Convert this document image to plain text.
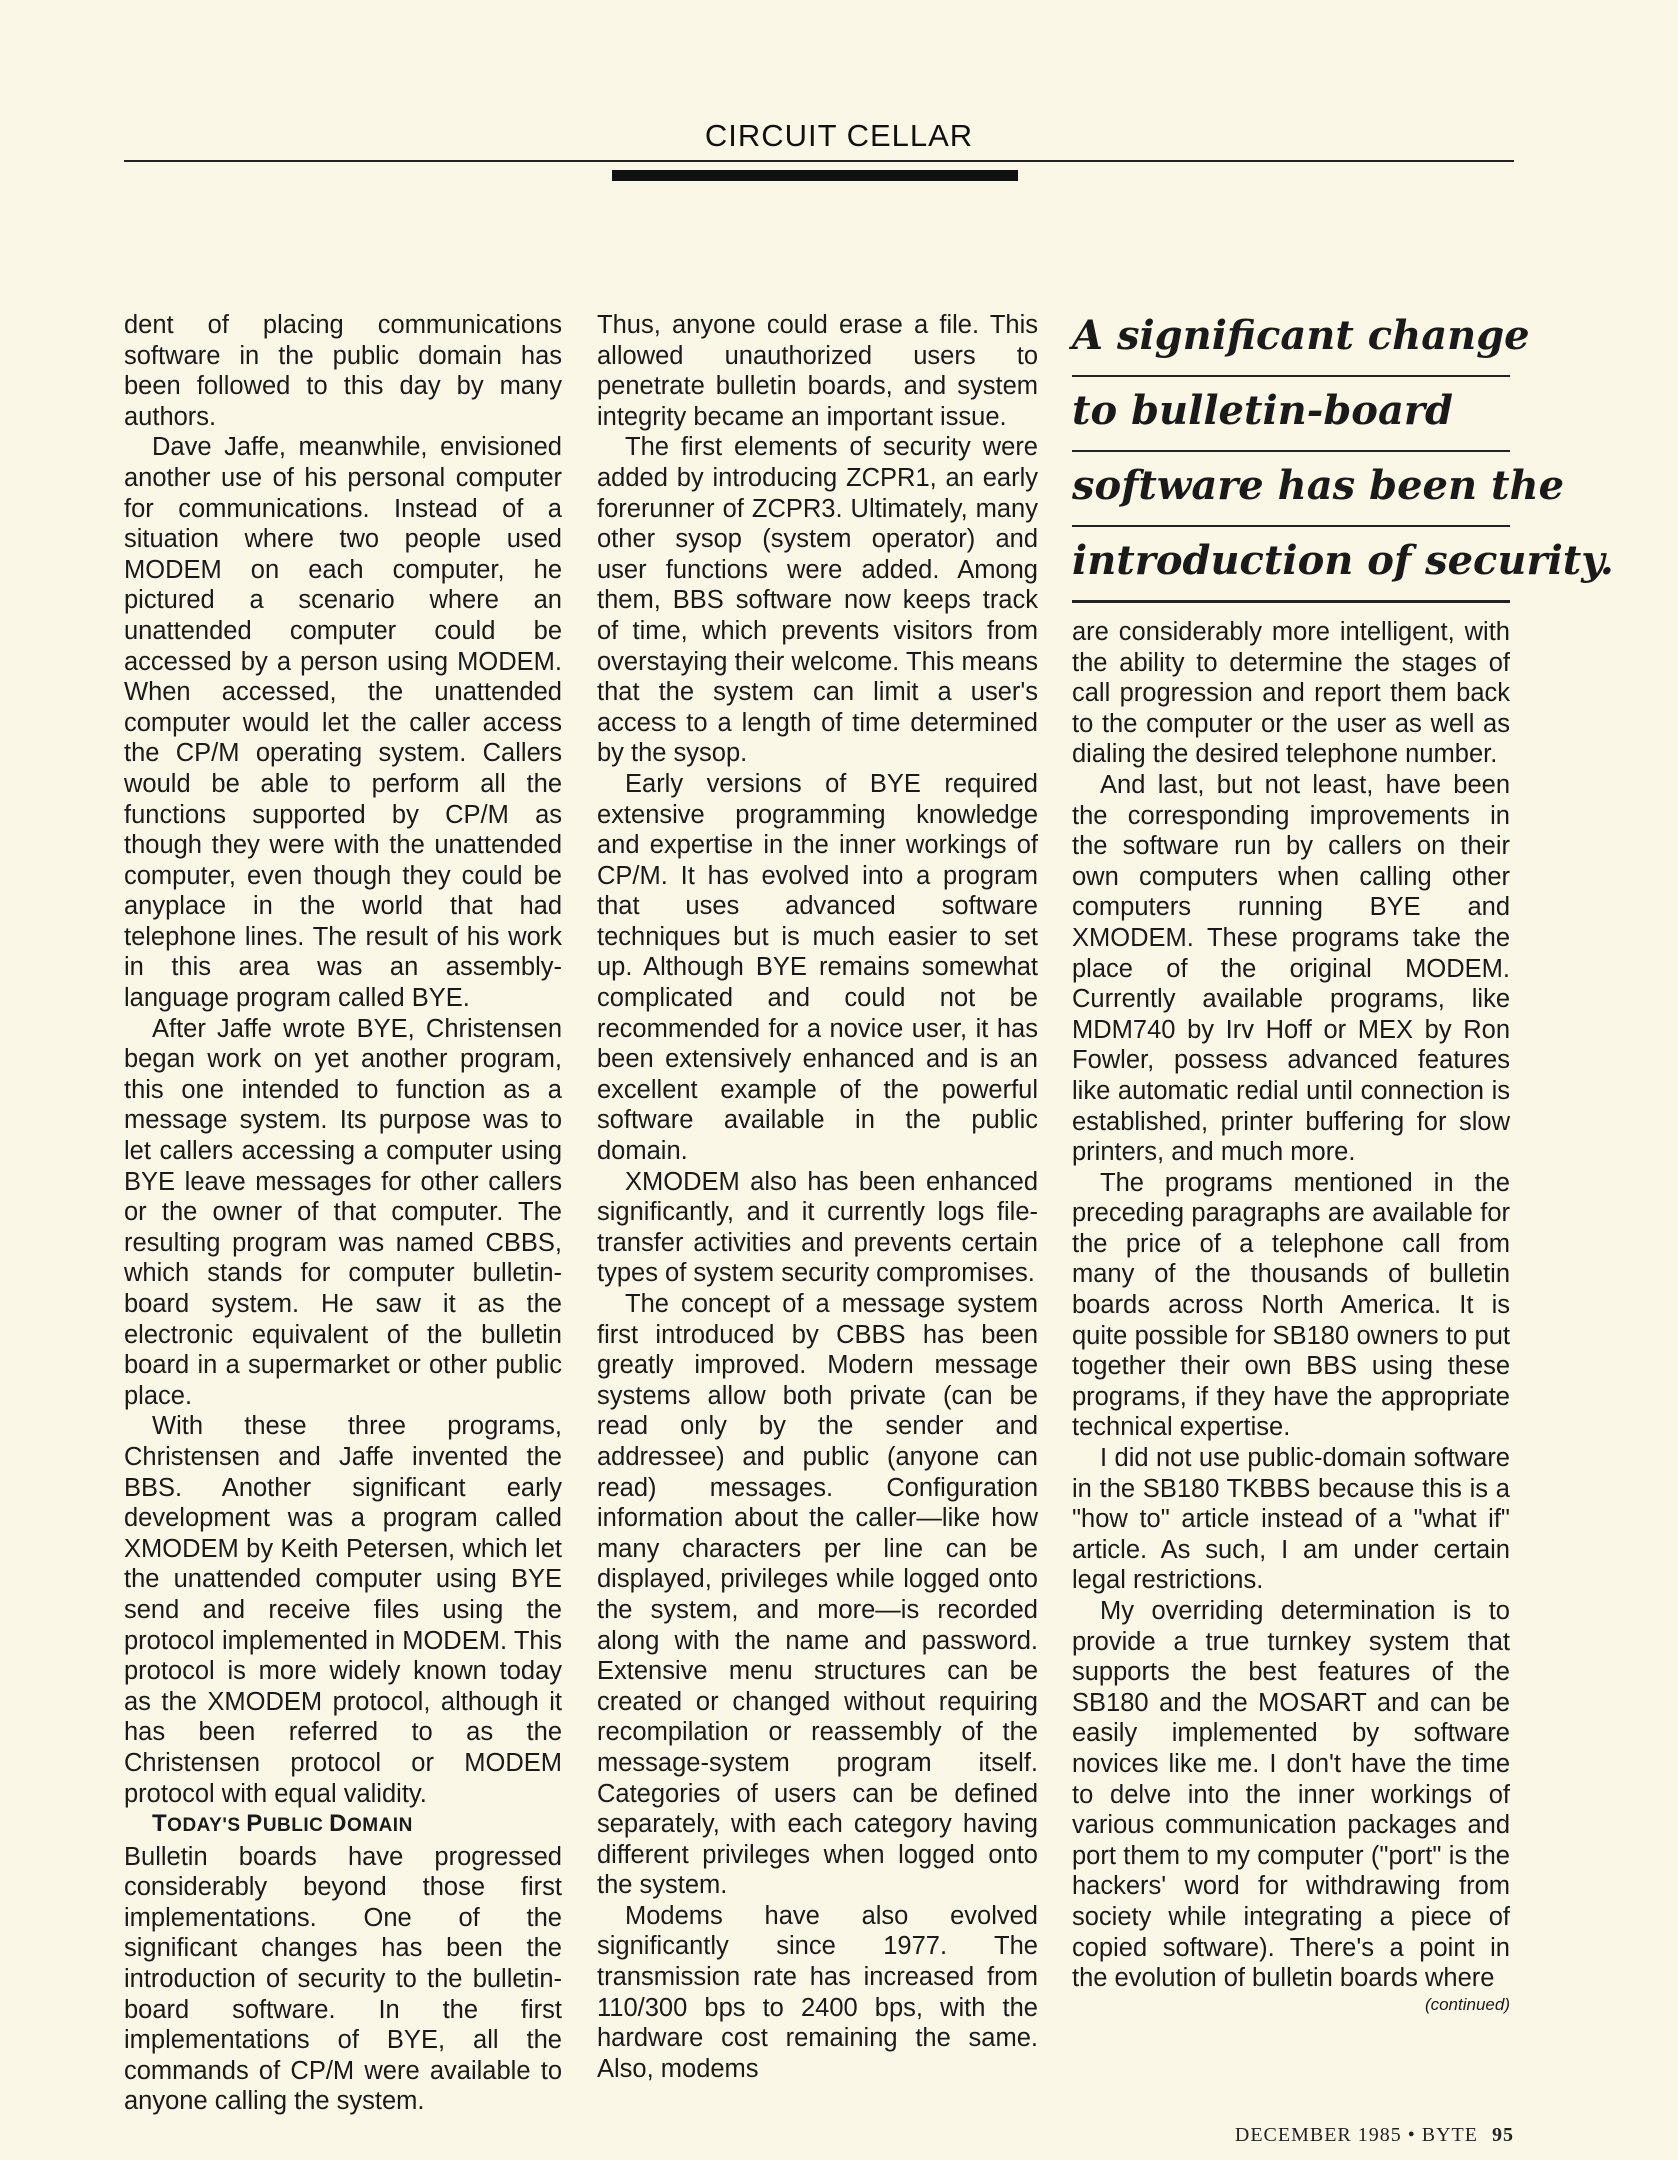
CIRCUIT CELLAR

dent of placing communications software in the public domain has been followed to this day by many authors.

Dave Jaffe, meanwhile, envisioned another use of his personal computer for communications. Instead of a situation where two people used MODEM on each computer, he pictured a scenario where an unattended computer could be accessed by a person using MODEM. When accessed, the unattended computer would let the caller access the CP/M operating system. Callers would be able to perform all the functions supported by CP/M as though they were with the unattended computer, even though they could be anyplace in the world that had telephone lines. The result of his work in this area was an assembly-language program called BYE.

After Jaffe wrote BYE, Christensen began work on yet another program, this one intended to function as a message system. Its purpose was to let callers accessing a computer using BYE leave messages for other callers or the owner of that computer. The resulting program was named CBBS, which stands for computer bulletin-board system. He saw it as the electronic equivalent of the bulletin board in a supermarket or other public place.

With these three programs, Christensen and Jaffe invented the BBS. Another significant early development was a program called XMODEM by Keith Petersen, which let the unattended computer using BYE send and receive files using the protocol implemented in MODEM. This protocol is more widely known today as the XMODEM protocol, although it has been referred to as the Christensen protocol or MODEM protocol with equal validity.

TODAY'S PUBLIC DOMAIN

Bulletin boards have progressed considerably beyond those first implementations. One of the significant changes has been the introduction of security to the bulletin-board software. In the first implementations of BYE, all the commands of CP/M were available to anyone calling the system.

Thus, anyone could erase a file. This allowed unauthorized users to penetrate bulletin boards, and system integrity became an important issue.

The first elements of security were added by introducing ZCPR1, an early forerunner of ZCPR3. Ultimately, many other sysop (system operator) and user functions were added. Among them, BBS software now keeps track of time, which prevents visitors from overstaying their welcome. This means that the system can limit a user's access to a length of time determined by the sysop.

Early versions of BYE required extensive programming knowledge and expertise in the inner workings of CP/M. It has evolved into a program that uses advanced software techniques but is much easier to set up. Although BYE remains somewhat complicated and could not be recommended for a novice user, it has been extensively enhanced and is an excellent example of the powerful software available in the public domain.

XMODEM also has been enhanced significantly, and it currently logs file-transfer activities and prevents certain types of system security compromises.

The concept of a message system first introduced by CBBS has been greatly improved. Modern message systems allow both private (can be read only by the sender and addressee) and public (anyone can read) messages. Configuration information about the caller—like how many characters per line can be displayed, privileges while logged onto the system, and more—is recorded along with the name and password. Extensive menu structures can be created or changed without requiring recompilation or reassembly of the message-system program itself. Categories of users can be defined separately, with each category having different privileges when logged onto the system.

Modems have also evolved significantly since 1977. The transmission rate has increased from 110/300 bps to 2400 bps, with the hardware cost remaining the same. Also, modems

A significant change
to bulletin-board
software has been the
introduction of security.

are considerably more intelligent, with the ability to determine the stages of call progression and report them back to the computer or the user as well as dialing the desired telephone number.

And last, but not least, have been the corresponding improvements in the software run by callers on their own computers when calling other computers running BYE and XMODEM. These programs take the place of the original MODEM. Currently available programs, like MDM740 by Irv Hoff or MEX by Ron Fowler, possess advanced features like automatic redial until connection is established, printer buffering for slow printers, and much more.

The programs mentioned in the preceding paragraphs are available for the price of a telephone call from many of the thousands of bulletin boards across North America. It is quite possible for SB180 owners to put together their own BBS using these programs, if they have the appropriate technical expertise.

I did not use public-domain software in the SB180 TKBBS because this is a "how to" article instead of a "what if" article. As such, I am under certain legal restrictions.

My overriding determination is to provide a true turnkey system that supports the best features of the SB180 and the MOSART and can be easily implemented by software novices like me. I don't have the time to delve into the inner workings of various communication packages and port them to my computer ("port" is the hackers' word for withdrawing from society while integrating a piece of copied software). There's a point in the evolution of bulletin boards where

(continued)
DECEMBER 1985 • BYTE 95
